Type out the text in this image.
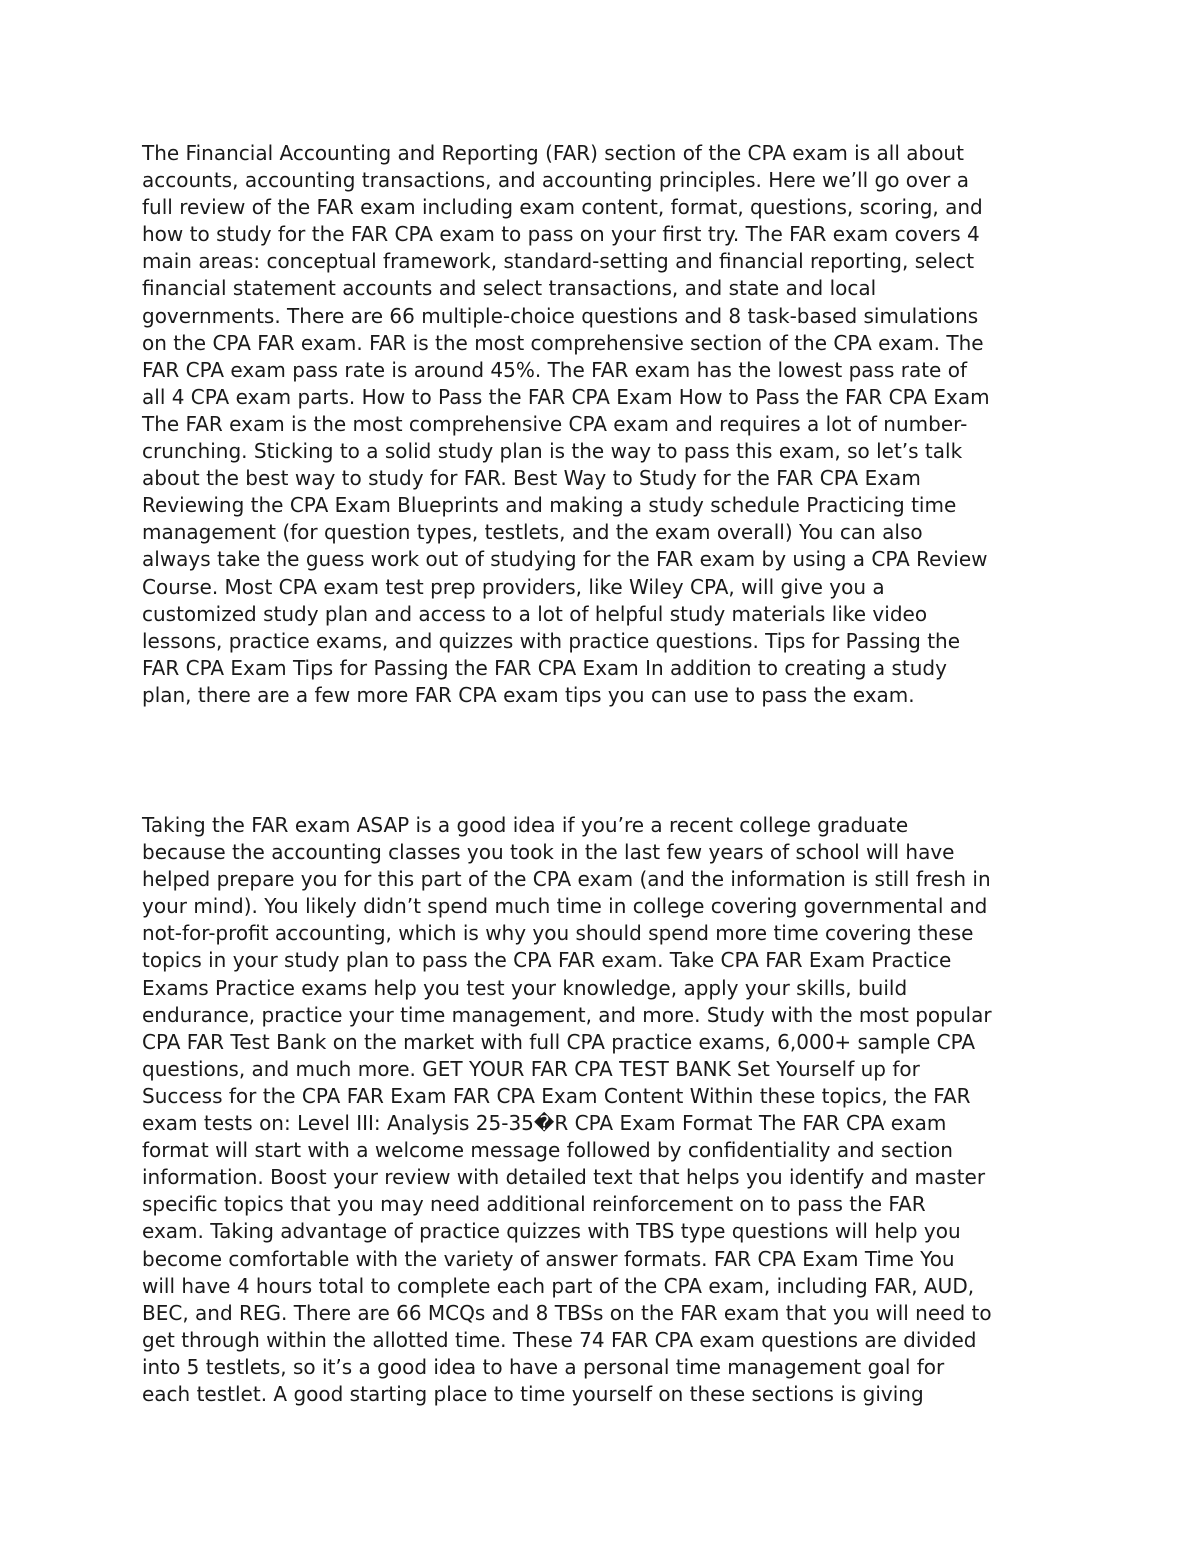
The Financial Accounting and Reporting (FAR) section of the CPA exam is all about
accounts, accounting transactions, and accounting principles. Here we’ll go over a
full review of the FAR exam including exam content, format, questions, scoring, and
how to study for the FAR CPA exam to pass on your first try. The FAR exam covers 4
main areas: conceptual framework, standard-setting and financial reporting, select
financial statement accounts and select transactions, and state and local
governments. There are 66 multiple-choice questions and 8 task-based simulations
on the CPA FAR exam. FAR is the most comprehensive section of the CPA exam. The
FAR CPA exam pass rate is around 45%. The FAR exam has the lowest pass rate of
all 4 CPA exam parts. How to Pass the FAR CPA Exam How to Pass the FAR CPA Exam
The FAR exam is the most comprehensive CPA exam and requires a lot of number-
crunching. Sticking to a solid study plan is the way to pass this exam, so let’s talk
about the best way to study for FAR. Best Way to Study for the FAR CPA Exam
Reviewing the CPA Exam Blueprints and making a study schedule Practicing time
management (for question types, testlets, and the exam overall) You can also
always take the guess work out of studying for the FAR exam by using a CPA Review
Course. Most CPA exam test prep providers, like Wiley CPA, will give you a
customized study plan and access to a lot of helpful study materials like video
lessons, practice exams, and quizzes with practice questions. Tips for Passing the
FAR CPA Exam Tips for Passing the FAR CPA Exam In addition to creating a study
plan, there are a few more FAR CPA exam tips you can use to pass the exam.

Taking the FAR exam ASAP is a good idea if you’re a recent college graduate
because the accounting classes you took in the last few years of school will have
helped prepare you for this part of the CPA exam (and the information is still fresh in
your mind). You likely didn’t spend much time in college covering governmental and
not-for-profit accounting, which is why you should spend more time covering these
topics in your study plan to pass the CPA FAR exam. Take CPA FAR Exam Practice
Exams Practice exams help you test your knowledge, apply your skills, build
endurance, practice your time management, and more. Study with the most popular
CPA FAR Test Bank on the market with full CPA practice exams, 6,000+ sample CPA
questions, and much more. GET YOUR FAR CPA TEST BANK Set Yourself up for
Success for the CPA FAR Exam FAR CPA Exam Content Within these topics, the FAR
exam tests on: Level III: Analysis 25-35�R CPA Exam Format The FAR CPA exam
format will start with a welcome message followed by confidentiality and section
information. Boost your review with detailed text that helps you identify and master
specific topics that you may need additional reinforcement on to pass the FAR
exam. Taking advantage of practice quizzes with TBS type questions will help you
become comfortable with the variety of answer formats. FAR CPA Exam Time You
will have 4 hours total to complete each part of the CPA exam, including FAR, AUD,
BEC, and REG. There are 66 MCQs and 8 TBSs on the FAR exam that you will need to
get through within the allotted time. These 74 FAR CPA exam questions are divided
into 5 testlets, so it’s a good idea to have a personal time management goal for
each testlet. A good starting place to time yourself on these sections is giving
